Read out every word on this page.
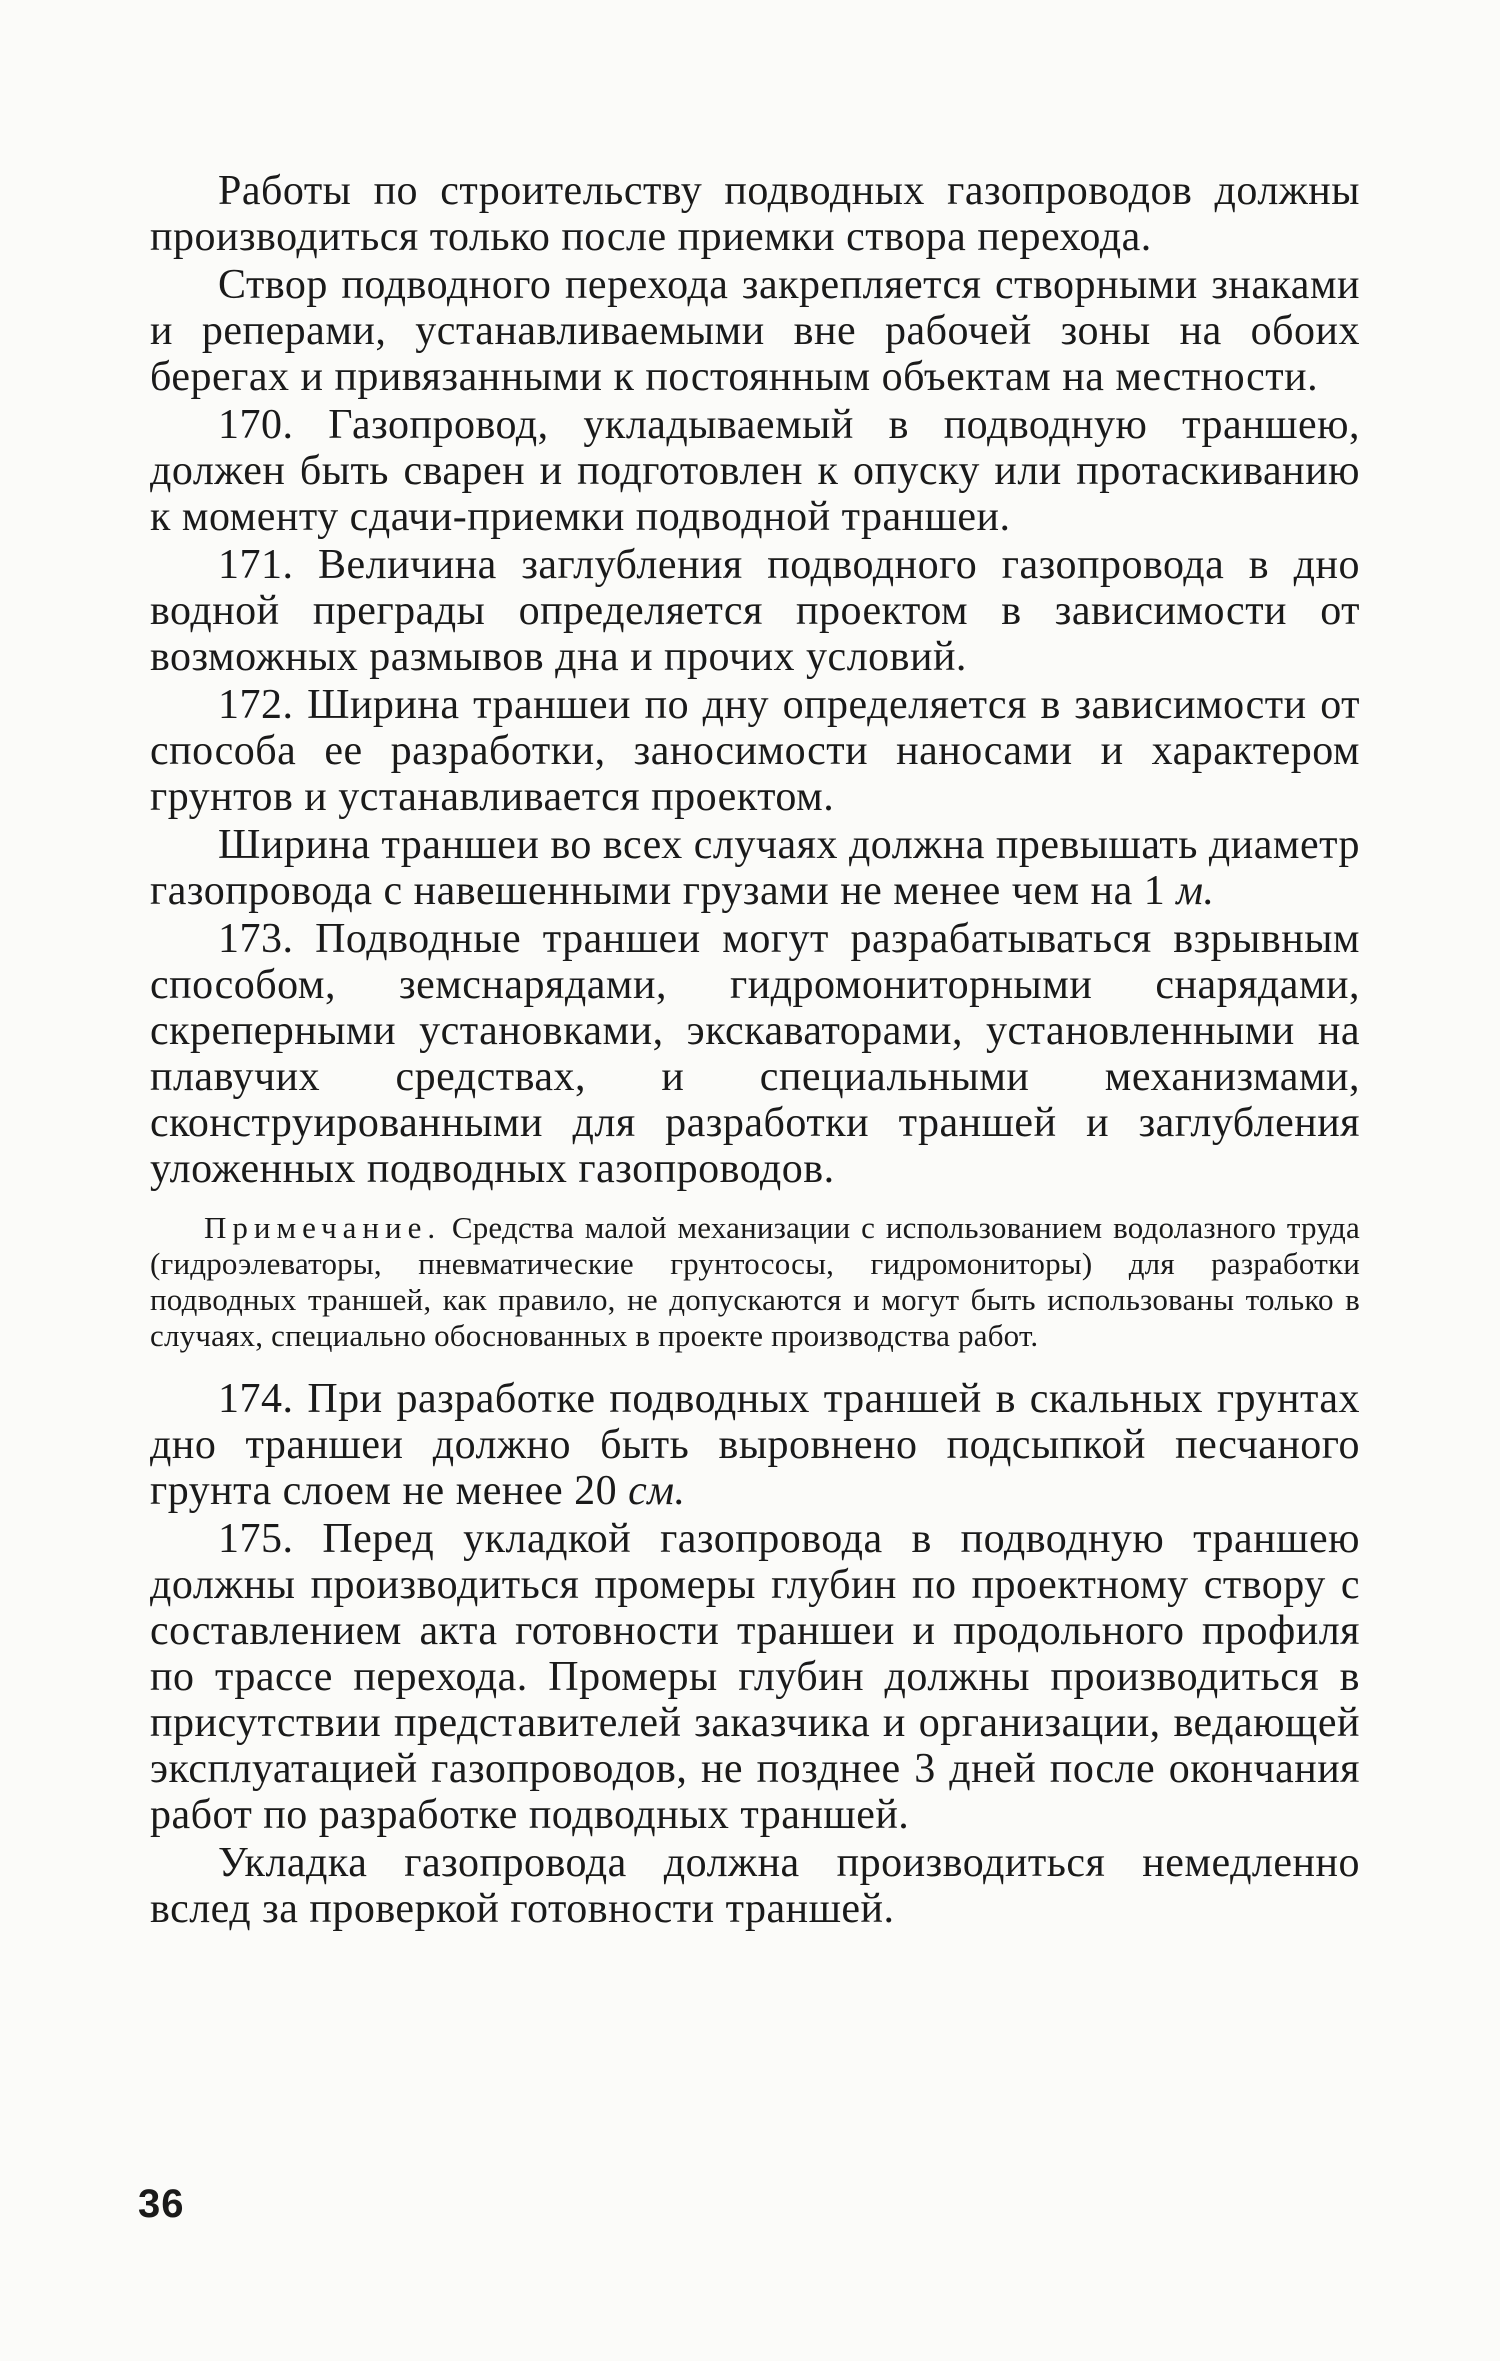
Работы по строительству подводных газопроводов должны производиться только после приемки створа перехода.

Створ подводного перехода закрепляется створными знаками и реперами, устанавливаемыми вне рабочей зоны на обоих берегах и привязанными к постоянным объектам на местности.

170. Газопровод, укладываемый в подводную траншею, должен быть сварен и подготовлен к опуску или протаскиванию к моменту сдачи-приемки подводной траншеи.

171. Величина заглубления подводного газопровода в дно водной преграды определяется проектом в зависимости от возможных размывов дна и прочих условий.

172. Ширина траншеи по дну определяется в зависимости от способа ее разработки, заносимости наносами и характером грунтов и устанавливается проектом.

Ширина траншеи во всех случаях должна превышать диаметр газопровода с навешенными грузами не менее чем на 1 м.

173. Подводные траншеи могут разрабатываться взрывным способом, земснарядами, гидромониторными снарядами, скреперными установками, экскаваторами, установленными на плавучих средствах, и специальными механизмами, сконструированными для разработки траншей и заглубления уложенных подводных газопроводов.

Примечание. Средства малой механизации с использованием водолазного труда (гидроэлеваторы, пневматические грунтососы, гидромониторы) для разработки подводных траншей, как правило, не допускаются и могут быть использованы только в случаях, специально обоснованных в проекте производства работ.

174. При разработке подводных траншей в скальных грунтах дно траншеи должно быть выровнено подсыпкой песчаного грунта слоем не менее 20 см.

175. Перед укладкой газопровода в подводную траншею должны производиться промеры глубин по проектному створу с составлением акта готовности траншеи и продольного профиля по трассе перехода. Промеры глубин должны производиться в присутствии представителей заказчика и организации, ведающей эксплуатацией газопроводов, не позднее 3 дней после окончания работ по разработке подводных траншей.

Укладка газопровода должна производиться немедленно вслед за проверкой готовности траншей.

36
